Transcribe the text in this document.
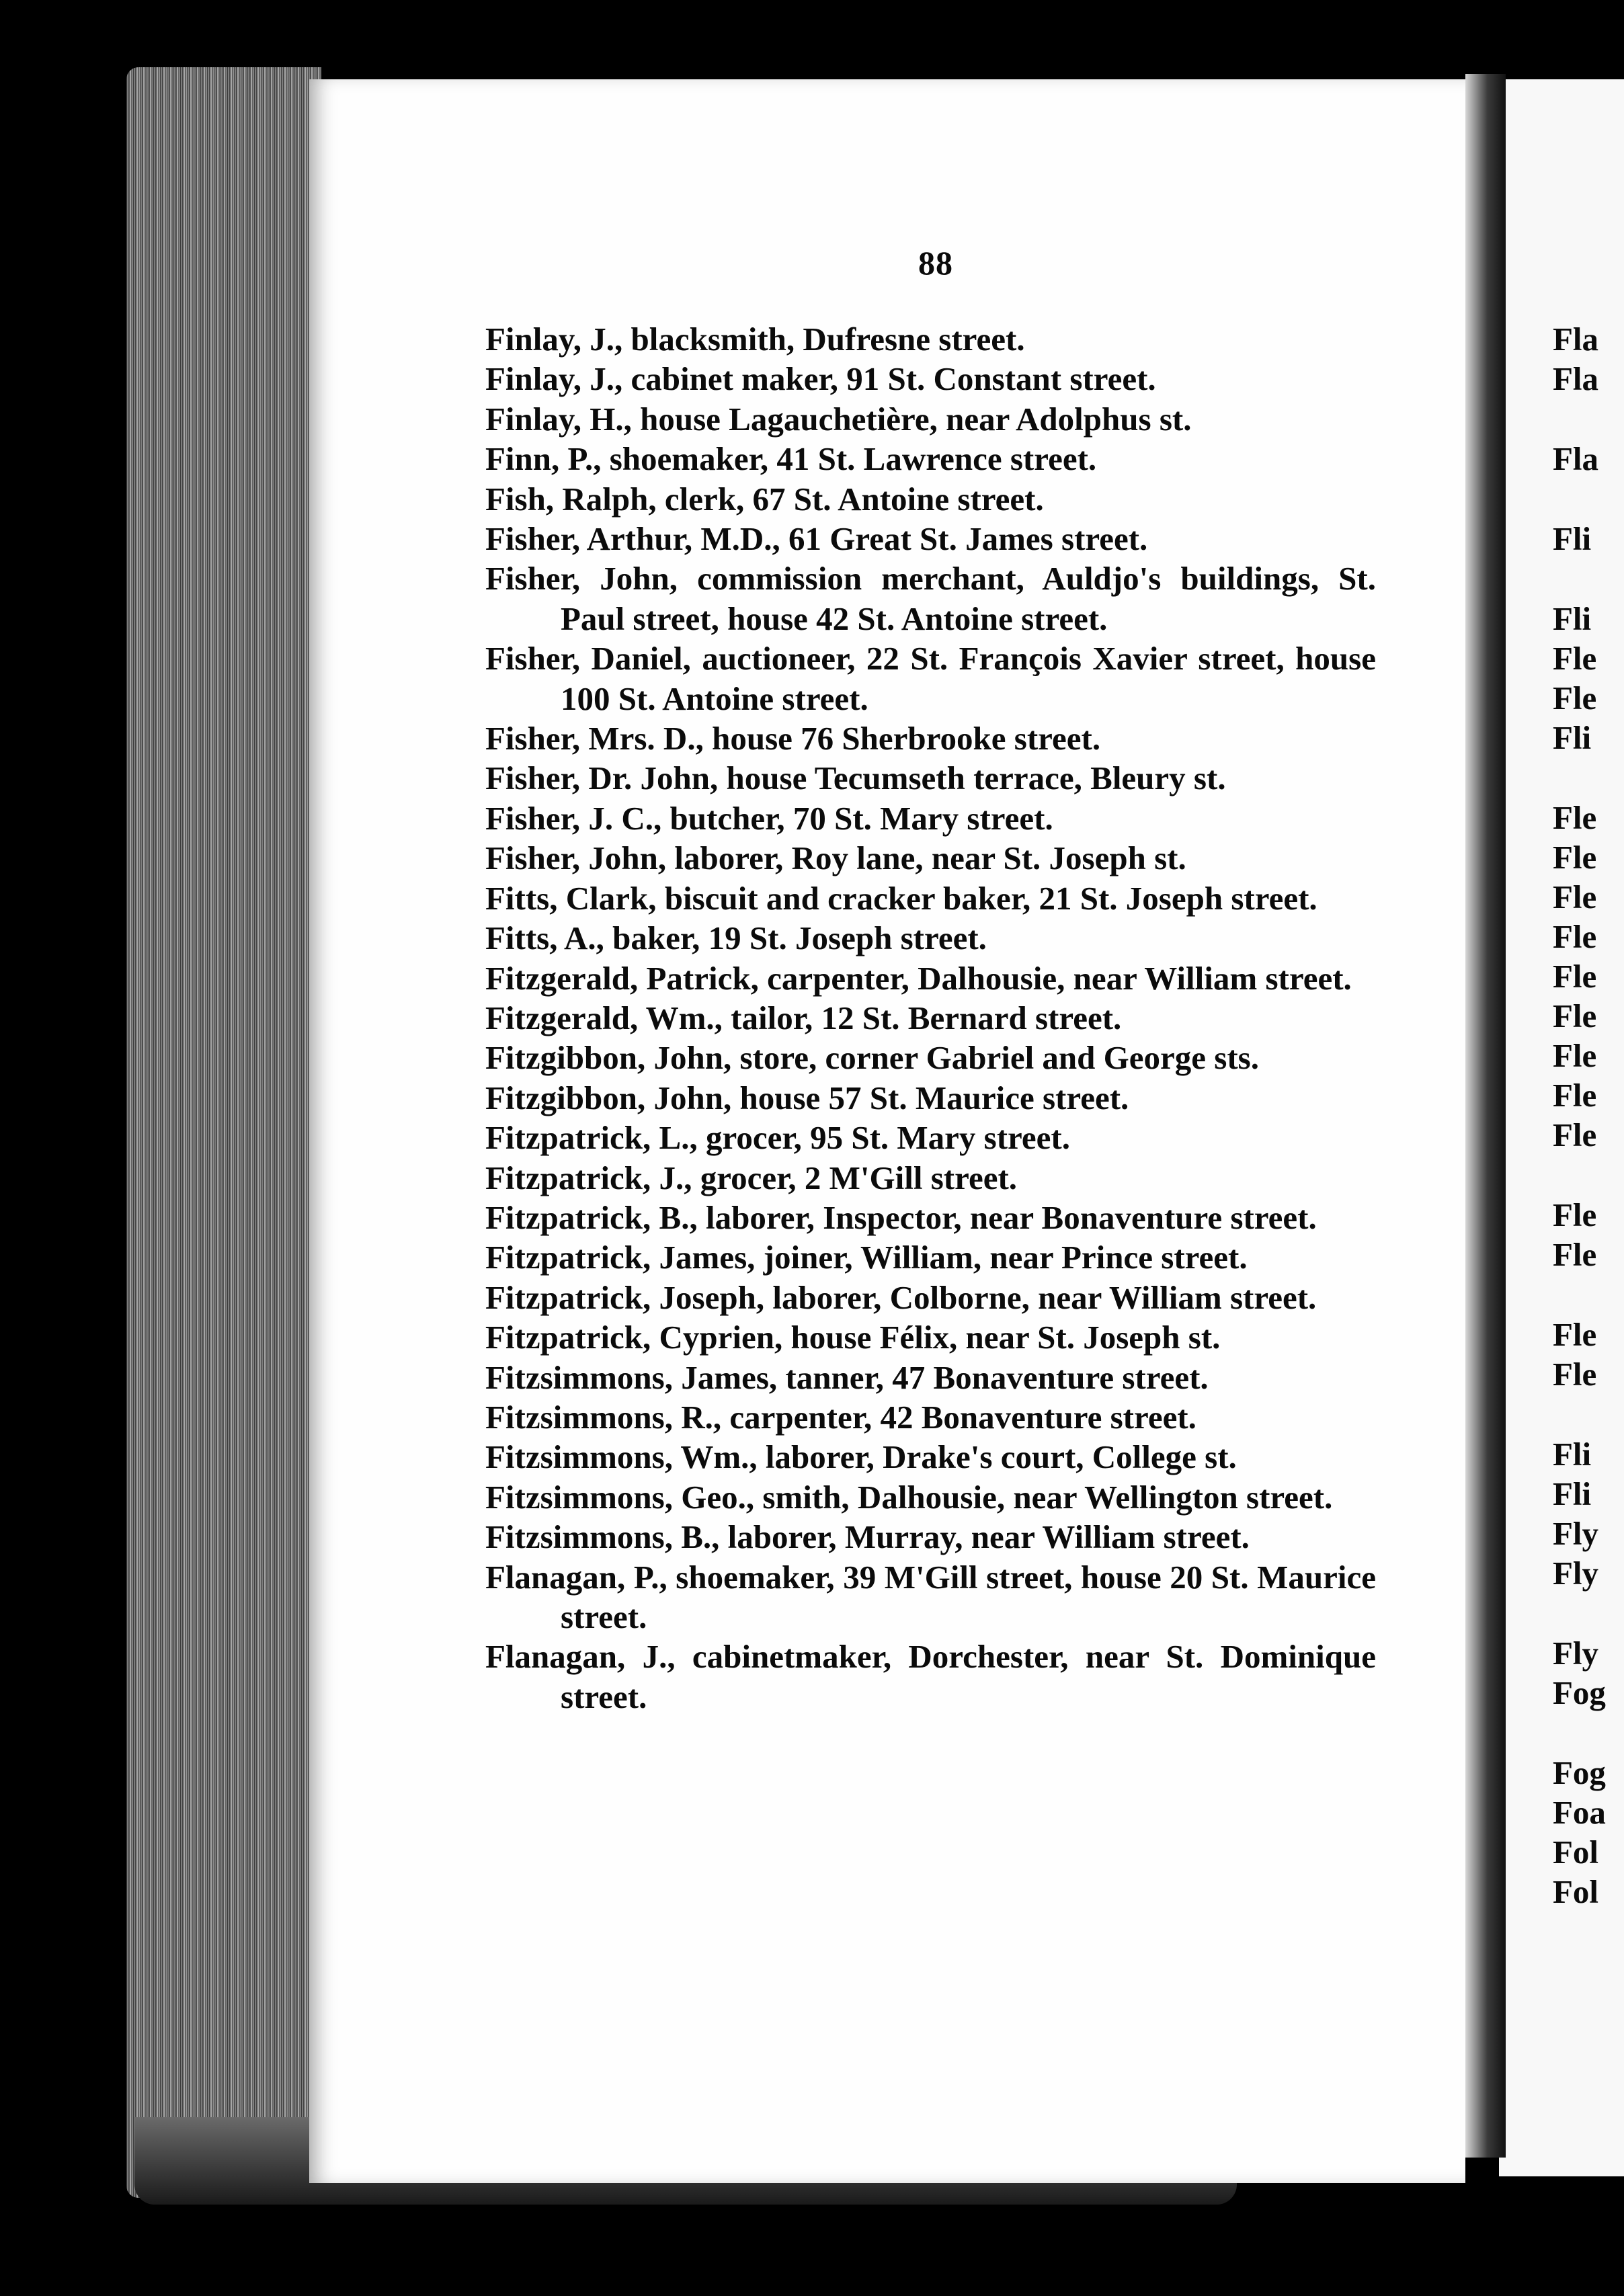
88
Finlay, J., blacksmith, Dufresne street.
Finlay, J., cabinet maker, 91 St. Constant street.
Finlay, H., house Lagauchetière, near Adolphus st.
Finn, P., shoemaker, 41 St. Lawrence street.
Fish, Ralph, clerk, 67 St. Antoine street.
Fisher, Arthur, M.D., 61 Great St. James street.
Fisher, John, commission merchant, Auldjo's buildings, St. Paul street, house 42 St. Antoine street.
Fisher, Daniel, auctioneer, 22 St. François Xavier street, house 100 St. Antoine street.
Fisher, Mrs. D., house 76 Sherbrooke street.
Fisher, Dr. John, house Tecumseth terrace, Bleury st.
Fisher, J. C., butcher, 70 St. Mary street.
Fisher, John, laborer, Roy lane, near St. Joseph st.
Fitts, Clark, biscuit and cracker baker, 21 St. Joseph street.
Fitts, A., baker, 19 St. Joseph street.
Fitzgerald, Patrick, carpenter, Dalhousie, near William street.
Fitzgerald, Wm., tailor, 12 St. Bernard street.
Fitzgibbon, John, store, corner Gabriel and George sts.
Fitzgibbon, John, house 57 St. Maurice street.
Fitzpatrick, L., grocer, 95 St. Mary street.
Fitzpatrick, J., grocer, 2 M'Gill street.
Fitzpatrick, B., laborer, Inspector, near Bonaventure street.
Fitzpatrick, James, joiner, William, near Prince street.
Fitzpatrick, Joseph, laborer, Colborne, near William street.
Fitzpatrick, Cyprien, house Félix, near St. Joseph st.
Fitzsimmons, James, tanner, 47 Bonaventure street.
Fitzsimmons, R., carpenter, 42 Bonaventure street.
Fitzsimmons, Wm., laborer, Drake's court, College st.
Fitzsimmons, Geo., smith, Dalhousie, near Wellington street.
Fitzsimmons, B., laborer, Murray, near William street.
Flanagan, P., shoemaker, 39 M'Gill street, house 20 St. Maurice street.
Flanagan, J., cabinetmaker, Dorchester, near St. Dominique street.
Fla
Fla
Fla
Fli
Fli
Fle
Fle
Fli
Fle
Fle
Fle
Fle
Fle
Fle
Fle
Fle
Fle
Fle
Fle
Fle
Fle
Fli
Fli
Fly
Fly
Fly
Fog
Fog
Foa
Fol
Fol
